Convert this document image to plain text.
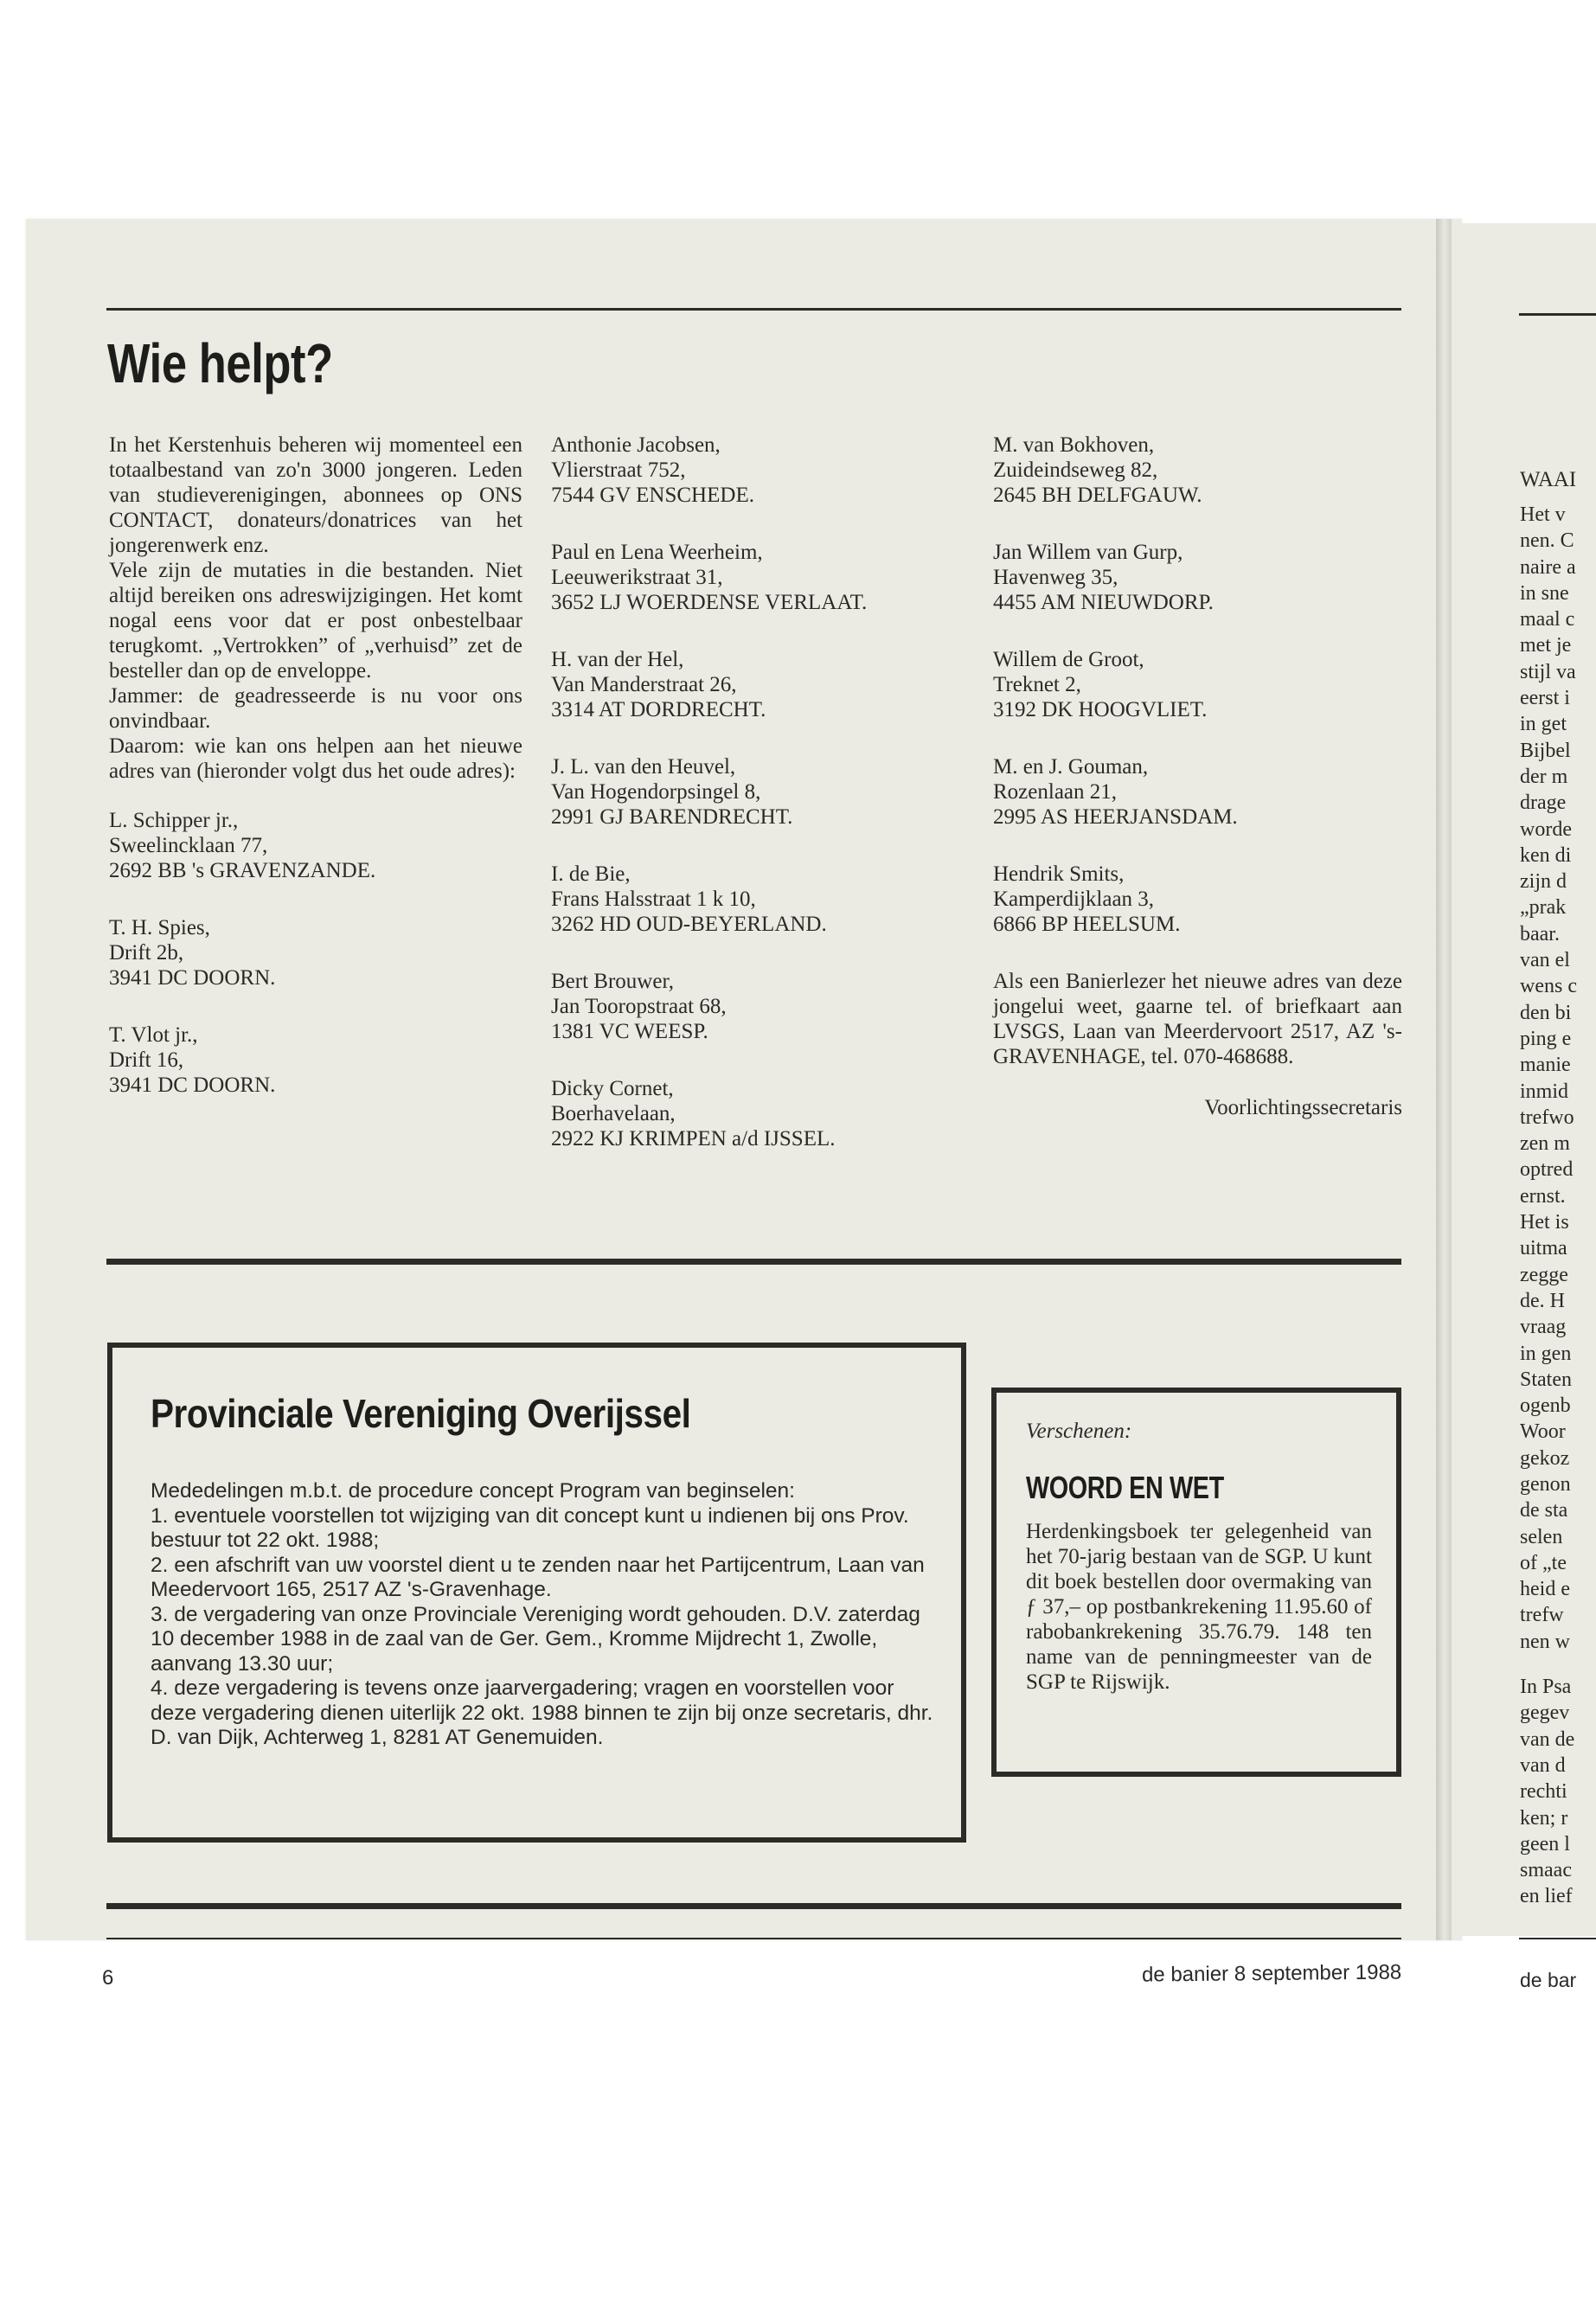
Wie helpt?

In het Kerstenhuis beheren wij momenteel een totaalbestand van zo'n 3000 jongeren. Leden van studieverenigingen, abonnees op ONS CONTACT, donateurs/donatrices van het jongerenwerk enz.

Vele zijn de mutaties in die bestanden. Niet altijd bereiken ons adreswijzigingen. Het komt nogal eens voor dat er post onbestelbaar terugkomt. „Vertrokken” of „verhuisd” zet de besteller dan op de enveloppe.

Jammer: de geadresseerde is nu voor ons onvindbaar.

Daarom: wie kan ons helpen aan het nieuwe adres van (hieronder volgt dus het oude adres):

L. Schipper jr.,
Sweelincklaan 77,
2692 BB 's GRAVENZANDE.
T. H. Spies,
Drift 2b,
3941 DC DOORN.
T. Vlot jr.,
Drift 16,
3941 DC DOORN.
Anthonie Jacobsen,
Vlierstraat 752,
7544 GV ENSCHEDE.
Paul en Lena Weerheim,
Leeuwerikstraat 31,
3652 LJ WOERDENSE VERLAAT.
H. van der Hel,
Van Manderstraat 26,
3314 AT DORDRECHT.
J. L. van den Heuvel,
Van Hogendorpsingel 8,
2991 GJ BARENDRECHT.
I. de Bie,
Frans Halsstraat 1 k 10,
3262 HD OUD-BEYERLAND.
Bert Brouwer,
Jan Tooropstraat 68,
1381 VC WEESP.
Dicky Cornet,
Boerhavelaan,
2922 KJ KRIMPEN a/d IJSSEL.
M. van Bokhoven,
Zuideindseweg 82,
2645 BH DELFGAUW.
Jan Willem van Gurp,
Havenweg 35,
4455 AM NIEUWDORP.
Willem de Groot,
Treknet 2,
3192 DK HOOGVLIET.
M. en J. Gouman,
Rozenlaan 21,
2995 AS HEERJANSDAM.
Hendrik Smits,
Kamperdijklaan 3,
6866 BP HEELSUM.

Als een Banierlezer het nieuwe adres van deze jongelui weet, gaarne tel. of briefkaart aan LVSGS, Laan van Meerdervoort 2517, AZ 's-GRAVENHAGE, tel. 070-468688.

Voorlichtingssecretaris

Provinciale Vereniging Overijssel
Mededelingen m.b.t. de procedure concept Program van beginselen:
1. eventuele voorstellen tot wijziging van dit concept kunt u indienen bij ons Prov. bestuur tot 22 okt. 1988;
2. een afschrift van uw voorstel dient u te zenden naar het Partijcentrum, Laan van Meedervoort 165, 2517 AZ 's-Gravenhage.
3. de vergadering van onze Provinciale Vereniging wordt gehouden. D.V. zaterdag 10 december 1988 in de zaal van de Ger. Gem., Kromme Mijdrecht 1, Zwolle, aanvang 13.30 uur;
4. deze vergadering is tevens onze jaarvergadering; vragen en voorstellen voor deze vergadering dienen uiterlijk 22 okt. 1988 binnen te zijn bij onze secretaris, dhr. D. van Dijk, Achterweg 1, 8281 AT Genemuiden.
Verschenen:
WOORD EN WET
Herdenkingsboek ter gelegenheid van het 70-jarig bestaan van de SGP. U kunt dit boek bestellen door overmaking van ƒ 37,– op postbankrekening 11.95.60 of rabobankrekening 35.76.79. 148 ten name van de penningmeester van de SGP te Rijswijk.
6	de banier 8 september 1988
WAAI
Het v
nen. C
naire a
in sne
maal c
met je
stijl va
eerst i
in get
Bijbel
der m
drage
worde
ken di
zijn d
„prak
baar.
van el
wens c
den bi
ping e
manie
inmid
trefwo
zen m
optred
ernst.
Het is
uitma
zegge
de. H
vraag
in gen
Staten
ogenb
Woor
gekoz
genon
de sta
selen
of „te
heid e
trefw
nen w
In Psa
gegev
van de
van d
rechti
ken; r
geen l
smaac
en lief
de bar
